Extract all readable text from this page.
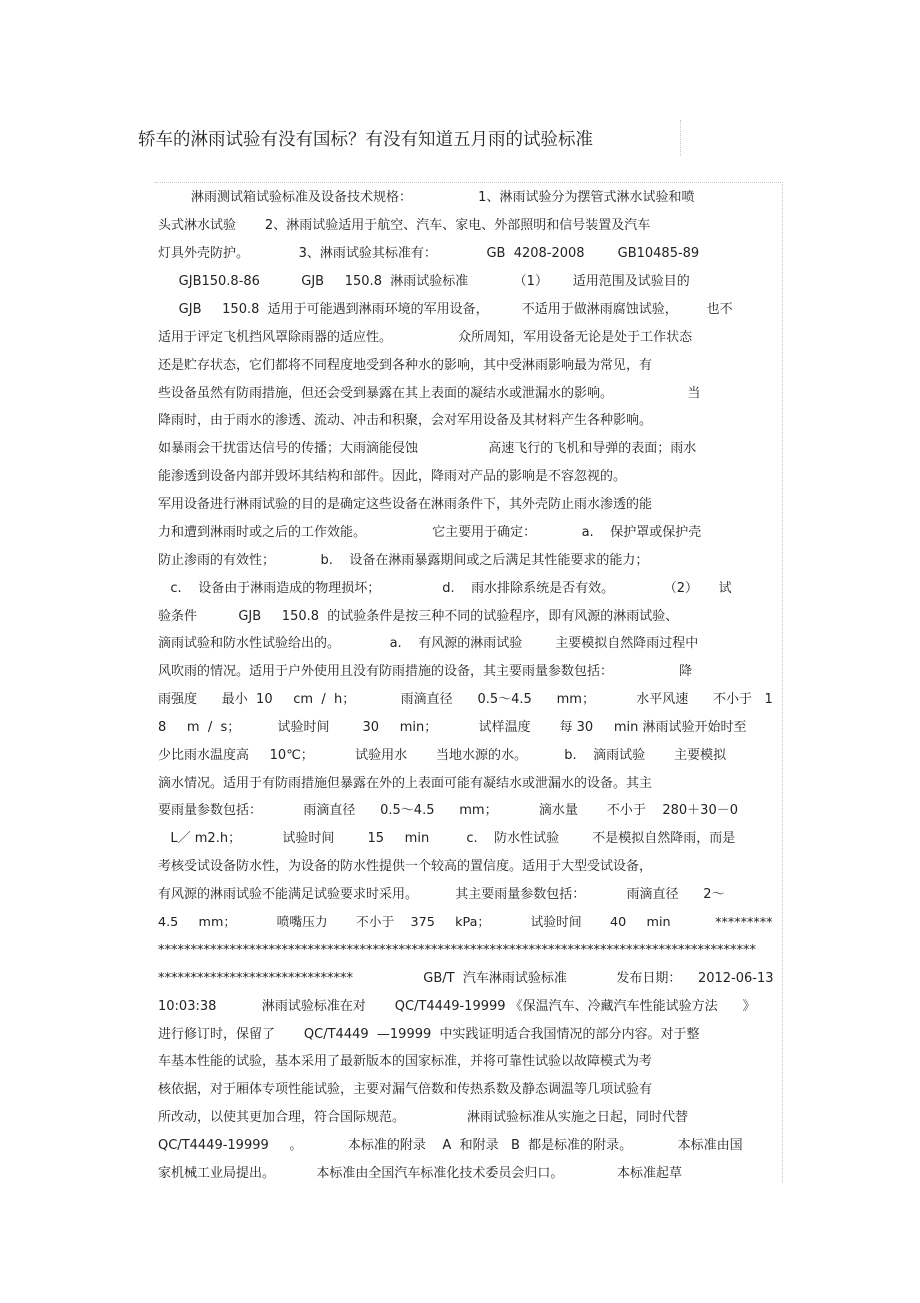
轿车的淋雨试验有没有国标？有没有知道五月雨的试验标准
淋雨测试箱试验标准及设备技术规格：                1、淋雨试验分为摆管式淋水试验和喷
头式淋水试验       2、淋雨试验适用于航空、汽车、家电、外部照明和信号装置及汽车
灯具外壳防护。            3、淋雨试验其标准有：            GB  4208-2008        GB10485-89
GJB150.8-86          GJB     150.8  淋雨试验标准           （1）      适用范围及试验目的
GJB     150.8  适用于可能遇到淋雨环境的军用设备，        不适用于做淋雨腐蚀试验，       也不
适用于评定飞机挡风罩除雨器的适应性。                众所周知，军用设备无论是处于工作状态
还是贮存状态，它们都将不同程度地受到各种水的影响，其中受淋雨影响最为常见，有
些设备虽然有防雨措施，但还会受到暴露在其上表面的凝结水或泄漏水的影响。                  当
降雨时，由于雨水的渗透、流动、冲击和积聚，会对军用设备及其材料产生各种影响。
如暴雨会干扰雷达信号的传播；大雨滴能侵蚀                 高速飞行的飞机和导弹的表面；雨水
能渗透到设备内部并毁坏其结构和部件。因此，降雨对产品的影响是不容忽视的。
军用设备进行淋雨试验的目的是确定这些设备在淋雨条件下，其外壳防止雨水渗透的能
力和遭到淋雨时或之后的工作效能。                它主要用于确定：           a.    保护罩或保护壳
防止渗雨的有效性；           b.    设备在淋雨暴露期间或之后满足其性能要求的能力；
c.    设备由于淋雨造成的物理损坏；               d.    雨水排除系统是否有效。            （2）     试
验条件          GJB     150.8  的试验条件是按三种不同的试验程序，即有风源的淋雨试验、
滴雨试验和防水性试验给出的。            a.    有风源的淋雨试验        主要模拟自然降雨过程中
风吹雨的情况。适用于户外使用且没有防雨措施的设备，其主要雨量参数包括：                降
雨强度      最小  10     cm  /  h；           雨滴直径      0.5～4.5      mm；          水平风速      不小于   1
8     m  /  s；         试验时间        30     min；          试样温度       每 30     min 淋雨试验开始时至
少比雨水温度高     10℃；          试验用水       当地水源的水。         b.    滴雨试验       主要模拟
滴水情况。适用于有防雨措施但暴露在外的上表面可能有凝结水或泄漏水的设备。其主
要雨量参数包括：          雨滴直径      0.5～4.5      mm；          滴水量       不小于    280＋30－0
L／ m2.h；          试验时间        15     min         c.    防水性试验        不是模拟自然降雨，而是
考核受试设备防水性，为设备的防水性提供一个较高的置信度。适用于大型受试设备，
有风源的淋雨试验不能满足试验要求时采用。         其主要雨量参数包括：          雨滴直径      2～
4.5     mm；          喷嘴压力       不小于    375     kPa；          试验时间       40     min           *********
********************************************************************************************
******************************                 GB/T  汽车淋雨试验标准            发布日期：    2012-06-13
10:03:38           淋雨试验标准在对       QC/T4449-19999 《保温汽车、冷藏汽车性能试验方法      》
进行修订时，保留了       QC/T4449  —19999  中实践证明适合我国情况的部分内容。对于整
车基本性能的试验，基本采用了最新版本的国家标准，并将可靠性试验以故障模式为考
核依据，对于厢体专项性能试验，主要对漏气倍数和传热系数及静态调温等几项试验有
所改动，以使其更加合理，符合国际规范。               淋雨试验标准从实施之日起，同时代替
QC/T4449-19999     。           本标准的附录    A  和附录   B  都是标准的附录。           本标准由国
家机械工业局提出。          本标准由全国汽车标准化技术委员会归口。             本标准起草
